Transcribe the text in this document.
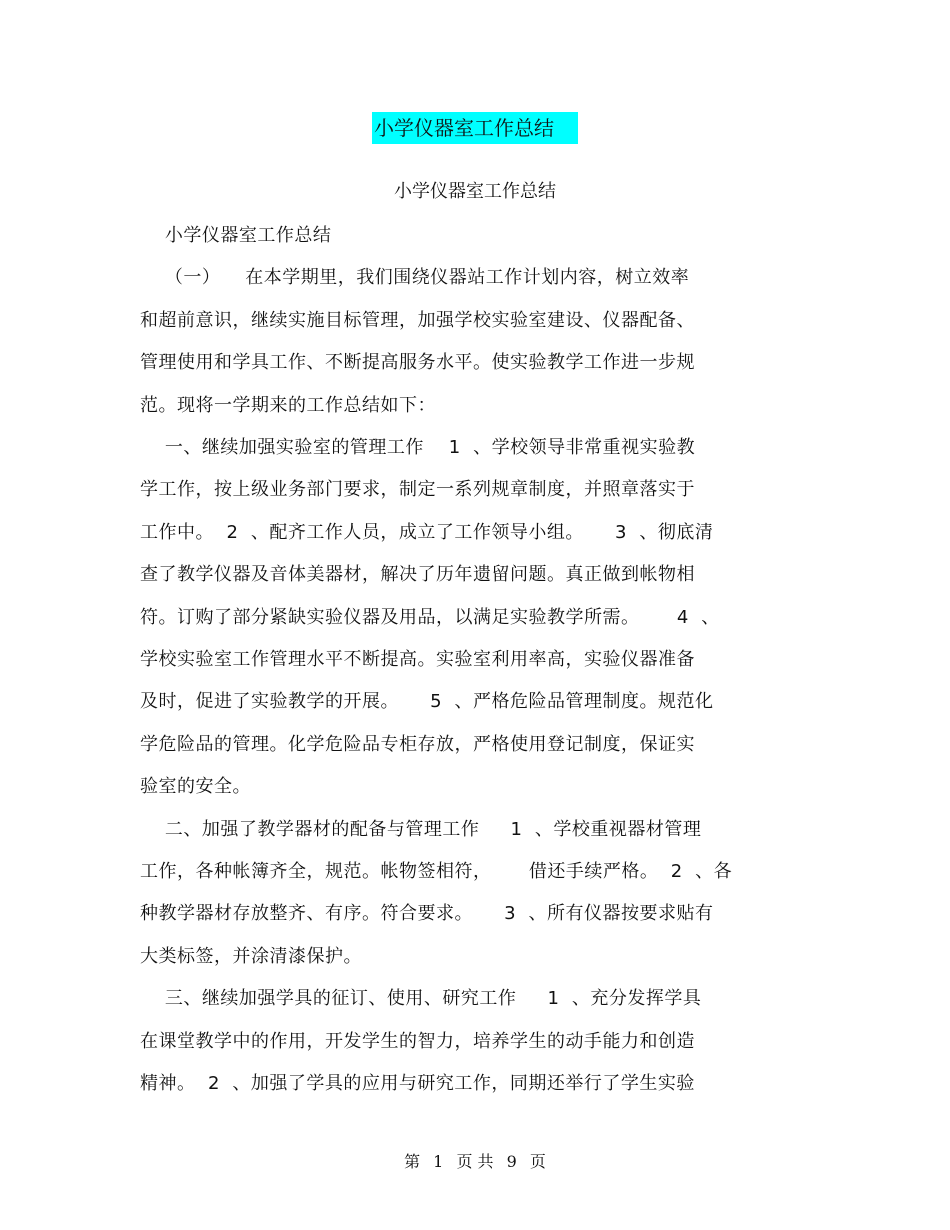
小学仪器室工作总结
小学仪器室工作总结
小学仪器室工作总结
（一）    在本学期里，我们围绕仪器站工作计划内容，树立效率
和超前意识，继续实施目标管理，加强学校实验室建设、仪器配备、
管理使用和学具工作、不断提高服务水平。使实验教学工作进一步规
范。现将一学期来的工作总结如下：
一、继续加强实验室的管理工作    1  、学校领导非常重视实验教
学工作，按上级业务部门要求，制定一系列规章制度，并照章落实于
工作中。  2  、配齐工作人员，成立了工作领导小组。     3  、彻底清
查了教学仪器及音体美器材，解决了历年遗留问题。真正做到帐物相
符。订购了部分紧缺实验仪器及用品，以满足实验教学所需。      4  、
学校实验室工作管理水平不断提高。实验室利用率高，实验仪器准备
及时，促进了实验教学的开展。     5  、严格危险品管理制度。规范化
学危险品的管理。化学危险品专柜存放，严格使用登记制度，保证实
验室的安全。
二、加强了教学器材的配备与管理工作     1  、学校重视器材管理
工作，各种帐簿齐全，规范。帐物签相符，      借还手续严格。  2  、各
种教学器材存放整齐、有序。符合要求。     3  、所有仪器按要求贴有
大类标签，并涂清漆保护。
三、继续加强学具的征订、使用、研究工作     1  、充分发挥学具
在课堂教学中的作用，开发学生的智力，培养学生的动手能力和创造
精神。  2  、加强了学具的应用与研究工作，同期还举行了学生实验
第 1 页 共 9 页
